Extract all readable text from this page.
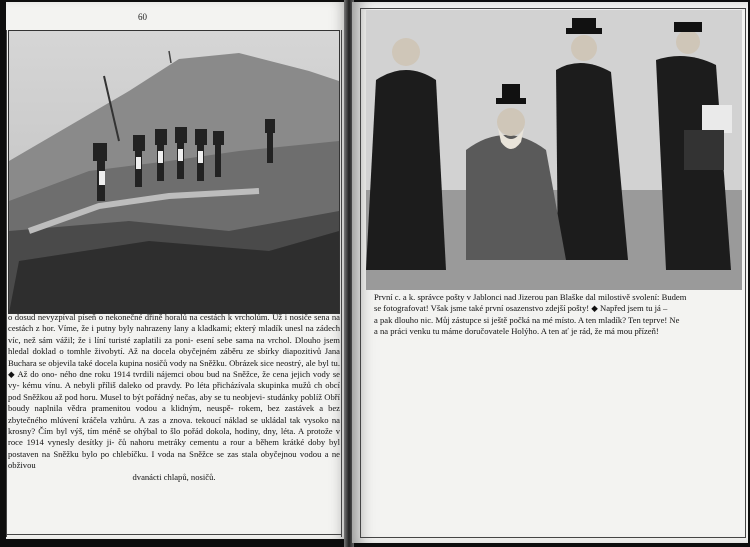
60

o dosud nevyzpíval píseň o nekonečné dřině horalů na cestách k vrcholům. Už i nosiče sena na cestách z hor. Víme, že i putny byly nahrazeny lany a kladkami; ekterý mladík unesl na zádech víc, než sám vážil; že i líní turisté zaplatili za poni- esení sebe sama na vrchol. Dlouho jsem hledal doklad o tomhle živobytí. Až na docela obyčejném záběru ze sbírky diapozitivů Jana Buchara se objevila také docela kupina nosičů vody na Sněžku. Obrázek sice neostrý, ale byl tu. ◆ Až do ono- ného dne roku 1914 tvrdili nájemci obou bud na Sněžce, že cena jejich vody se vy- kému vínu. A nebyli příliš daleko od pravdy. Po léta přicházívala skupinka mužů ch obcí pod Sněžkou až pod horu. Musel to být pořádný nečas, aby se tu neobjevi- studánky poblíž Obří boudy naplnila vědra pramenitou vodou a klidným, neuspě- rokem, bez zastávek a bez zbytečného mlúvení kráčela vzhůru. A zas a znova. tekoucí náklad se ukládal tak vysoko na krosny? Čím byl výš, tím méně se ohýbal to šlo pořád dokola, hodiny, dny, léta. A protože v roce 1914 vynesly desítky ji- čů nahoru metráky cementu a rour a během krátké doby byl postaven na Sněžku bylo po chlebíčku. I voda na Sněžce se zas stala obyčejnou vodou a ne obživou

dvanácti chlapů, nosičů.

První c. a k. správce pošty v Jablonci nad Jizerou pan Blaške dal milostivě svolení: Budem

se fotografovat! Však jsme také první osazenstvo zdejší pošty! ◆ Napřed jsem tu já –

a pak dlouho nic. Můj zástupce si ještě počká na mé místo. A ten mladík? Ten teprve! Ne

a na práci venku tu máme doručovatele Holýho. A ten ať je rád, že má mou přízeň!
